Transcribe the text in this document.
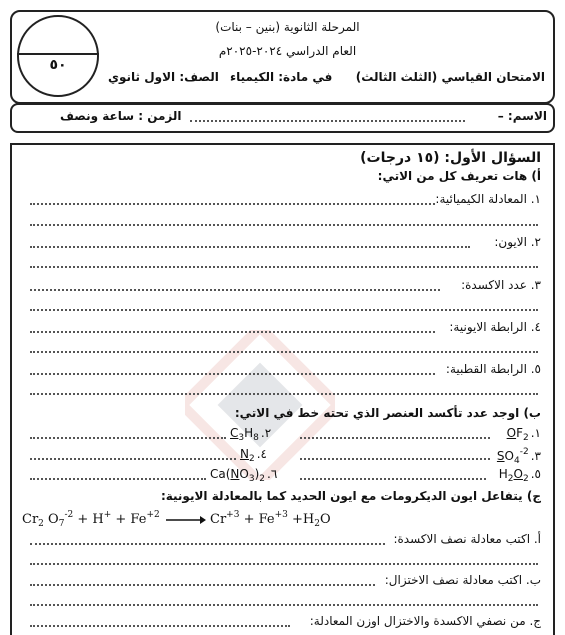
٥٠
المرحلة الثانوية (بنين – بنات)
العام الدراسي ٢٠٢٤-٢٠٢٥م
الامتحان القياسي (الثلث الثالث)
في مادة: الكيمياء
الصف: الاول ثانوي
الاسم: –
الزمن : ساعة ونصف
السؤال الأول: (١٥ درجات)
أ) هات تعريف كل من الاتي:
١. المعادلة الكيميائية:
٢. الايون:
٣. عدد الاكسدة:
٤. الرابطة الايونية:
٥. الرابطة القطبية:
ب) اوجد عدد تأكسد العنصر الذي تحته خط في الاتي:
١.
$OF_2$
٢.
$C_3H_8$
٣.
$SO_4^{-2}$
٤.
$N_2$
٥.
$H_2O_2$
٦.
$Ca(NO_3)_2$
ج) يتفاعل ايون الديكرومات مع ايون الحديد كما بالمعادلة الايونية:
$Cr_2$ $O_7^{-2} + H^+ + Fe^{+2} \to Cr^{+3} + Fe^{+3} +H_2O$
أ. اكتب معادلة نصف الاكسدة:
ب. اكتب معادلة نصف الاختزال:
ج. من نصفي الاكسدة والاختزال اوزن المعادلة:
